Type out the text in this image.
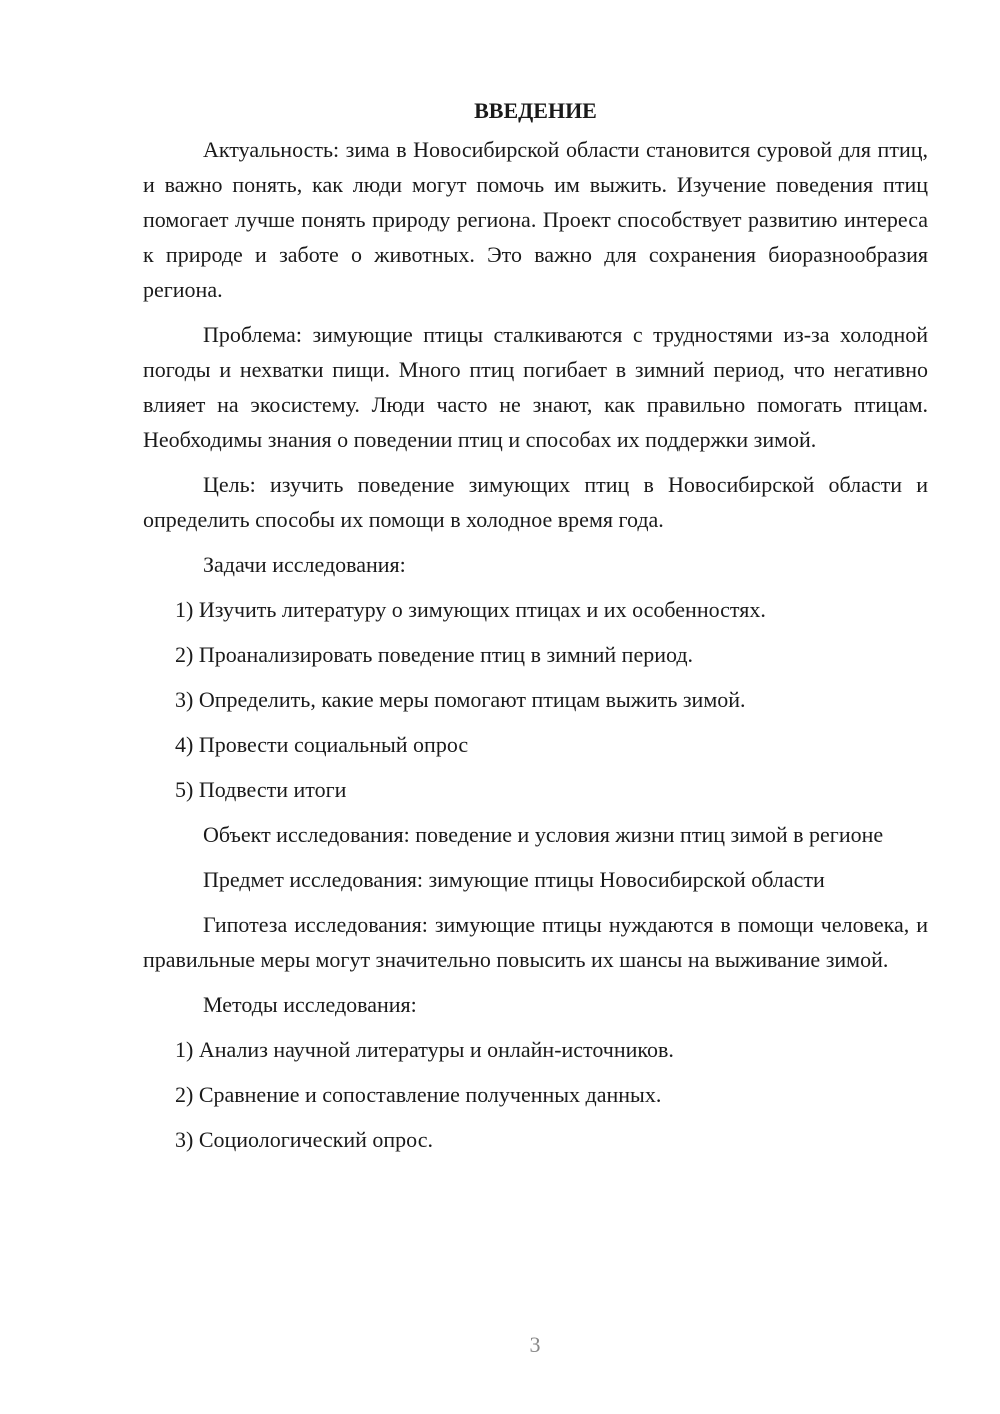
ВВЕДЕНИЕ
Актуальность: зима в Новосибирской области становится суровой для птиц, и важно понять, как люди могут помочь им выжить. Изучение поведения птиц помогает лучше понять природу региона. Проект способствует развитию интереса к природе и заботе о животных. Это важно для сохранения биоразнообразия региона.
Проблема: зимующие птицы сталкиваются с трудностями из-за холодной погоды и нехватки пищи. Много птиц погибает в зимний период, что негативно влияет на экосистему. Люди часто не знают, как правильно помогать птицам. Необходимы знания о поведении птиц и способах их поддержки зимой.
Цель: изучить поведение зимующих птиц в Новосибирской области и определить способы их помощи в холодное время года.
Задачи исследования:
1) Изучить литературу о зимующих птицах и их особенностях.
2) Проанализировать поведение птиц в зимний период.
3) Определить, какие меры помогают птицам выжить зимой.
4) Провести социальный опрос
5) Подвести итоги
Объект исследования: поведение и условия жизни птиц зимой в регионе
Предмет исследования: зимующие птицы Новосибирской области
Гипотеза исследования: зимующие птицы нуждаются в помощи человека, и правильные меры могут значительно повысить их шансы на выживание зимой.
Методы исследования:
1) Анализ научной литературы и онлайн-источников.
2) Сравнение и сопоставление полученных данных.
3) Социологический опрос.
3
